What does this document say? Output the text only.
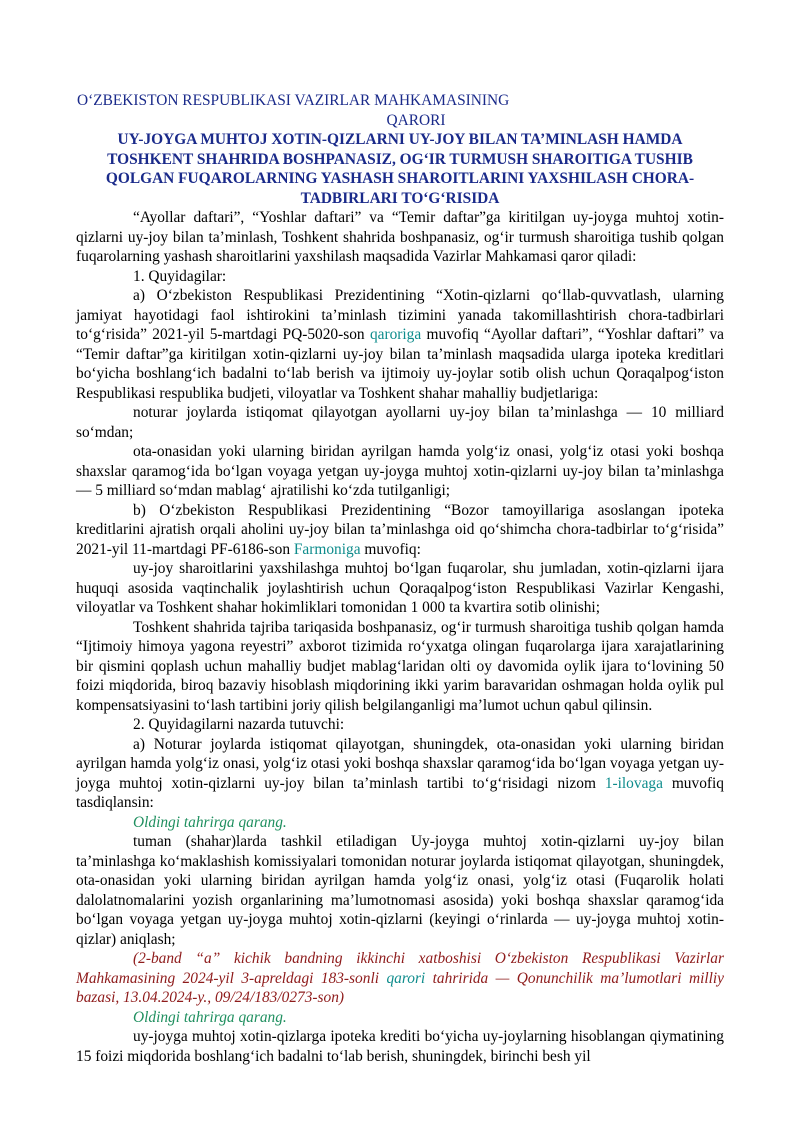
O‘ZBEKISTON RESPUBLIKASI VAZIRLAR MAHKAMASINING
QARORI
UY-JOYGA MUHTOJ XOTIN-QIZLARNI UY-JOY BILAN TA’MINLASH HAMDA TOSHKENT SHAHRIDA BOSHPANASIZ, OG‘IR TURMUSH SHAROITIGA TUSHIB QOLGAN FUQAROLARNING YASHASH SHAROITLARINI YAXSHILASH CHORA-TADBIRLARI TO‘G‘RISIDA

“Ayollar daftari”, “Yoshlar daftari” va “Temir daftar”ga kiritilgan uy-joyga muhtoj xotin-qizlarni uy-joy bilan ta’minlash, Toshkent shahrida boshpanasiz, og‘ir turmush sharoitiga tushib qolgan fuqarolarning yashash sharoitlarini yaxshilash maqsadida Vazirlar Mahkamasi qaror qiladi:

1. Quyidagilar:

a) O‘zbekiston Respublikasi Prezidentining “Xotin-qizlarni qo‘llab-quvvatlash, ularning jamiyat hayotidagi faol ishtirokini ta’minlash tizimini yanada takomillashtirish chora-tadbirlari to‘g‘risida” 2021-yil 5-martdagi PQ-5020-son qaroriga muvofiq “Ayollar daftari”, “Yoshlar daftari” va “Temir daftar”ga kiritilgan xotin-qizlarni uy-joy bilan ta’minlash maqsadida ularga ipoteka kreditlari bo‘yicha boshlang‘ich badalni to‘lab berish va ijtimoiy uy-joylar sotib olish uchun Qoraqalpog‘iston Respublikasi respublika budjeti, viloyatlar va Toshkent shahar mahalliy budjetlariga:

noturar joylarda istiqomat qilayotgan ayollarni uy-joy bilan ta’minlashga — 10 milliard so‘mdan;

ota-onasidan yoki ularning biridan ayrilgan hamda yolg‘iz onasi, yolg‘iz otasi yoki boshqa shaxslar qaramog‘ida bo‘lgan voyaga yetgan uy-joyga muhtoj xotin-qizlarni uy-joy bilan ta’minlashga — 5 milliard so‘mdan mablag‘ ajratilishi ko‘zda tutilganligi;

b) O‘zbekiston Respublikasi Prezidentining “Bozor tamoyillariga asoslangan ipoteka kreditlarini ajratish orqali aholini uy-joy bilan ta’minlashga oid qo‘shimcha chora-tadbirlar to‘g‘risida” 2021-yil 11-martdagi PF-6186-son Farmoniga muvofiq:

uy-joy sharoitlarini yaxshilashga muhtoj bo‘lgan fuqarolar, shu jumladan, xotin-qizlarni ijara huquqi asosida vaqtinchalik joylashtirish uchun Qoraqalpog‘iston Respublikasi Vazirlar Kengashi, viloyatlar va Toshkent shahar hokimliklari tomonidan 1 000 ta kvartira sotib olinishi;

Toshkent shahrida tajriba tariqasida boshpanasiz, og‘ir turmush sharoitiga tushib qolgan hamda “Ijtimoiy himoya yagona reyestri” axborot tizimida ro‘yxatga olingan fuqarolarga ijara xarajatlarining bir qismini qoplash uchun mahalliy budjet mablag‘laridan olti oy davomida oylik ijara to‘lovining 50 foizi miqdorida, biroq bazaviy hisoblash miqdorining ikki yarim baravaridan oshmagan holda oylik pul kompensatsiyasini to‘lash tartibini joriy qilish belgilanganligi ma’lumot uchun qabul qilinsin.

2. Quyidagilarni nazarda tutuvchi:

a) Noturar joylarda istiqomat qilayotgan, shuningdek, ota-onasidan yoki ularning biridan ayrilgan hamda yolg‘iz onasi, yolg‘iz otasi yoki boshqa shaxslar qaramog‘ida bo‘lgan voyaga yetgan uy-joyga muhtoj xotin-qizlarni uy-joy bilan ta’minlash tartibi to‘g‘risidagi nizom 1-ilovaga muvofiq tasdiqlansin:

Oldingi tahrirga qarang.

tuman (shahar)larda tashkil etiladigan Uy-joyga muhtoj xotin-qizlarni uy-joy bilan ta’minlashga ko‘maklashish komissiyalari tomonidan noturar joylarda istiqomat qilayotgan, shuningdek, ota-onasidan yoki ularning biridan ayrilgan hamda yolg‘iz onasi, yolg‘iz otasi (Fuqarolik holati dalolatnomalarini yozish organlarining ma’lumotnomasi asosida) yoki boshqa shaxslar qaramog‘ida bo‘lgan voyaga yetgan uy-joyga muhtoj xotin-qizlarni (keyingi o‘rinlarda — uy-joyga muhtoj xotin-qizlar) aniqlash;

(2-band “a” kichik bandning ikkinchi xatboshisi O‘zbekiston Respublikasi Vazirlar Mahkamasining 2024-yil 3-apreldagi 183-sonli qarori tahririda — Qonunchilik ma’lumotlari milliy bazasi, 13.04.2024-y., 09/24/183/0273-son)

Oldingi tahrirga qarang.

uy-joyga muhtoj xotin-qizlarga ipoteka krediti bo‘yicha uy-joylarning hisoblangan qiymatining 15 foizi miqdorida boshlang‘ich badalni to‘lab berish, shuningdek, birinchi besh yil
